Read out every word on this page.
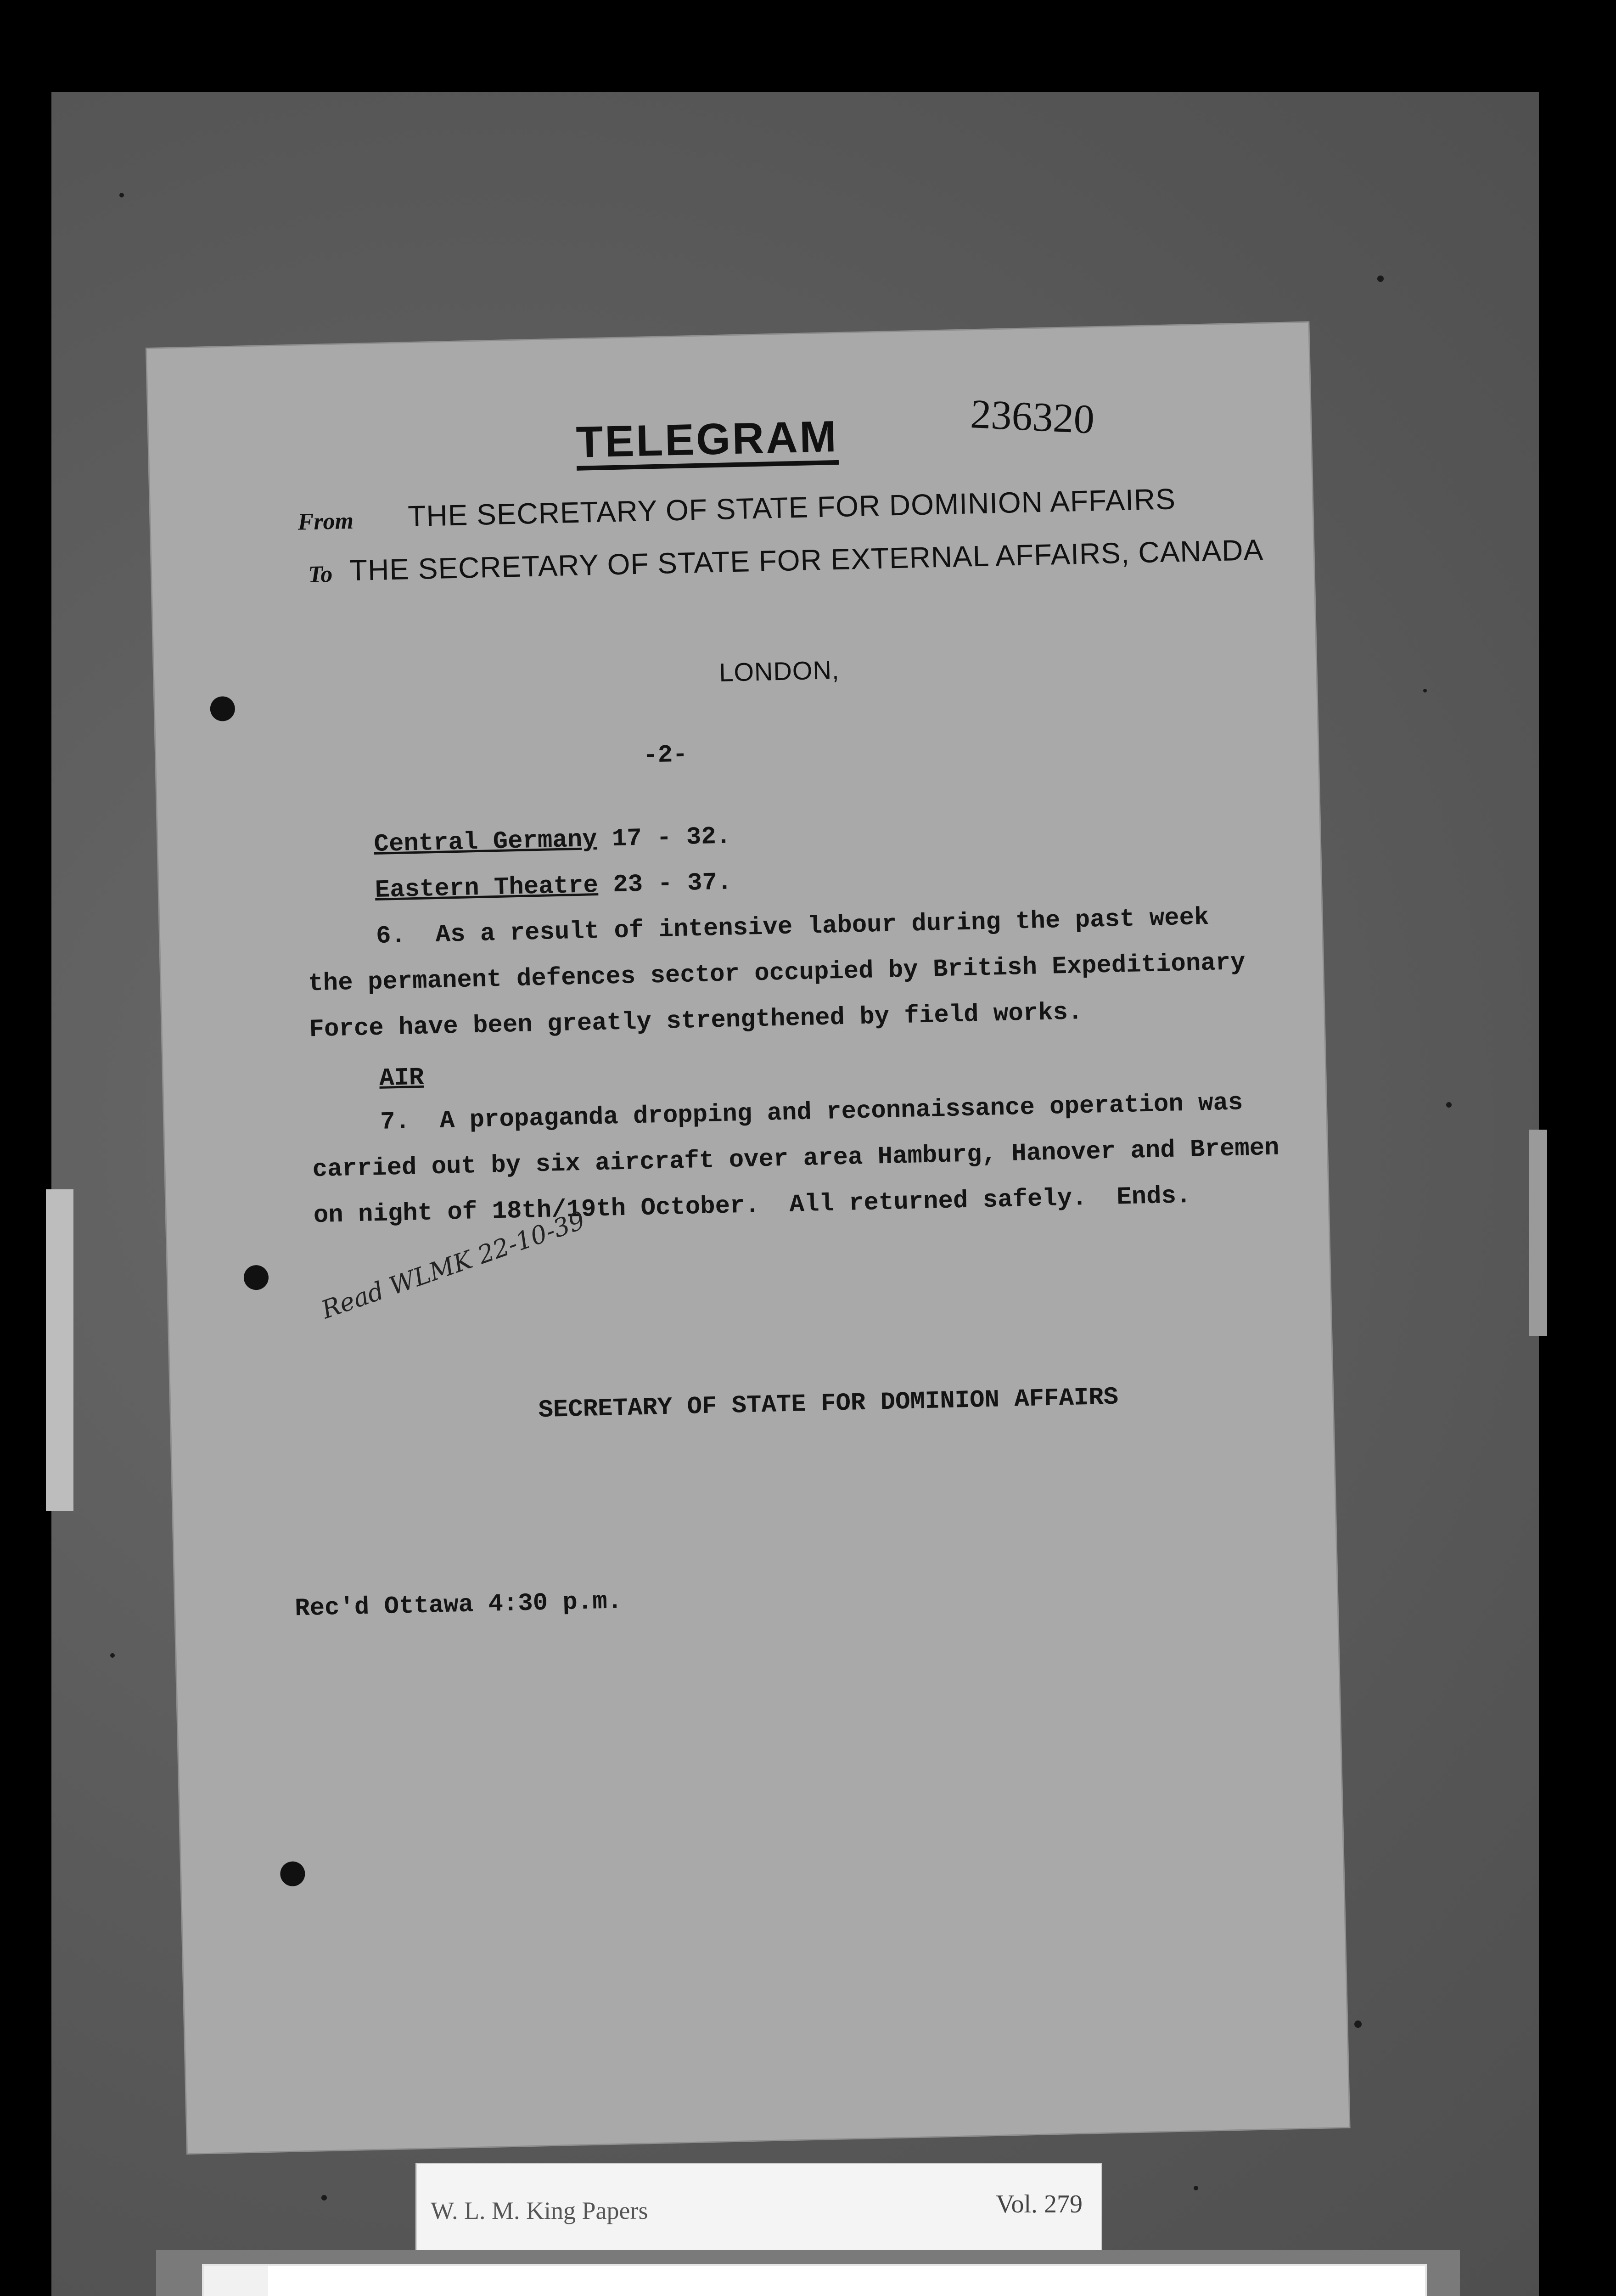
TELEGRAM	236320
From THE SECRETARY OF STATE FOR DOMINION AFFAIRS
To THE SECRETARY OF STATE FOR EXTERNAL AFFAIRS, CANADA
LONDON,
-2-
Central Germany 17 - 32.
Eastern Theatre 23 - 37.
6.  As a result of intensive labour during the past week
the permanent defences sector occupied by British Expeditionary
Force have been greatly strengthened by field works.
AIR
7.  A propaganda dropping and reconnaissance operation was
carried out by six aircraft over area Hamburg, Hanover and Bremen
on night of 18th/19th October.  All returned safely.  Ends.
Read WLMK 22-10-39
SECRETARY OF STATE FOR DOMINION AFFAIRS
Rec'd Ottawa 4:30 p.m.
W. L. M. King Papers	Vol. 279
